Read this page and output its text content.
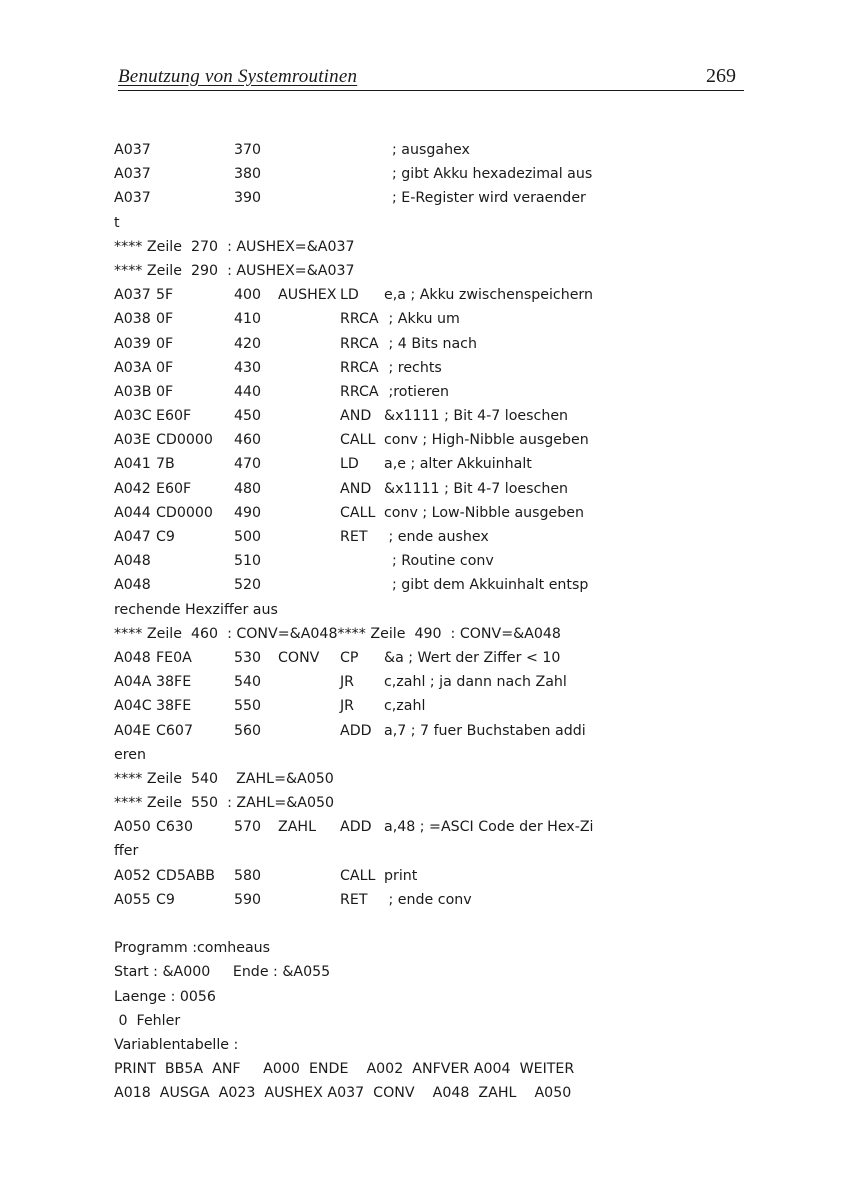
Benutzung von Systemroutinen	269
A037	370	; ausgahex
A037	380	; gibt Akku hexadezimal aus
A037	390	; E-Register wird veraender
t
**** Zeile  270  : AUSHEX=&A037
**** Zeile  290  : AUSHEX=&A037
A037 5F	400 AUSHEX LD e,a ; Akku zwischenspeichern
A038 0F	410	RRCA ; Akku um
A039 0F	420	RRCA ; 4 Bits nach
A03A 0F	430	RRCA ; rechts
A03B 0F	440	RRCA ;rotieren
A03C E60F	450	AND &x1111 ; Bit 4-7 loeschen
A03E CD0000 460	CALL conv ; High-Nibble ausgeben
A041 7B	470	LD a,e ; alter Akkuinhalt
A042 E60F	480	AND &x1111 ; Bit 4-7 loeschen
A044 CD0000 490	CALL conv ; Low-Nibble ausgeben
A047 C9	500	RET ; ende aushex
A048	510	; Routine conv
A048	520	; gibt dem Akkuinhalt entsp
rechende Hexziffer aus
**** Zeile  460  : CONV=&A048**** Zeile  490  : CONV=&A048
A048 FE0A	530 CONV CP &a ; Wert der Ziffer < 10
A04A 38FE	540	JR c,zahl ; ja dann nach Zahl
A04C 38FE	550	JR c,zahl
A04E C607	560	ADD a,7 ; 7 fuer Buchstaben addi
eren
**** Zeile  540    ZAHL=&A050
**** Zeile  550  : ZAHL=&A050
A050 C630	570 ZAHL ADD a,48 ; =ASCI Code der Hex-Zi
ffer
A052 CD5ABB 580	CALL print
A055 C9	590	RET ; ende conv
Programm :comheaus
Start : &A000     Ende : &A055
Laenge : 0056
0  Fehler
Variablentabelle :
PRINT  BB5A  ANF     A000  ENDE    A002  ANFVER A004  WEITER
A018  AUSGA  A023  AUSHEX A037  CONV    A048  ZAHL    A050
